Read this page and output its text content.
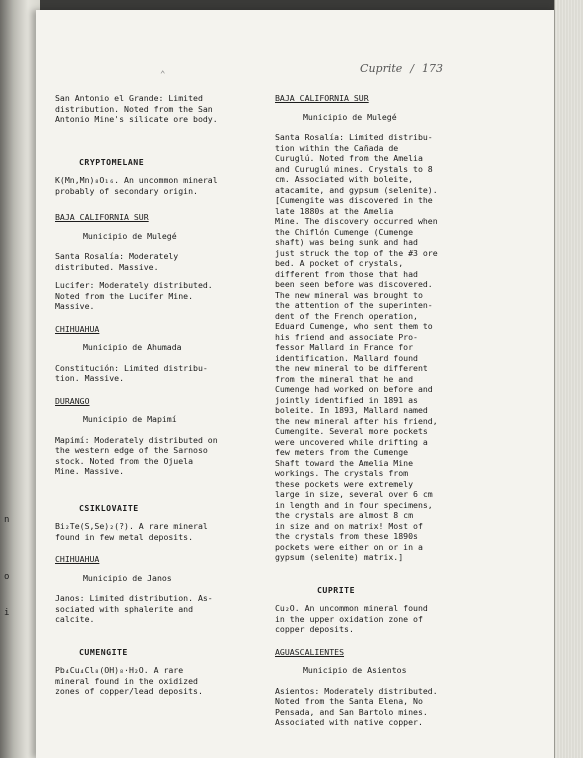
n
o
i
Cuprite / 173
⌃
San Antonio el Grande: Limited
distribution. Noted from the San
Antonio Mine's silicate ore body.
CRYPTOMELANE
K(Mn,Mn)₈O₁₆. An uncommon mineral
probably of secondary origin.
BAJA CALIFORNIA SUR
Municipio de Mulegé
Santa Rosalía: Moderately
distributed. Massive.
Lucifer: Moderately distributed.
Noted from the Lucifer Mine.
Massive.
CHIHUAHUA
Municipio de Ahumada
Constitución: Limited distribu-
tion. Massive.
DURANGO
Municipio de Mapimí
Mapimí: Moderately distributed on
the western edge of the Sarnoso
stock. Noted from the Ojuela
Mine. Massive.
CSIKLOVAITE
Bi₂Te(S,Se)₂(?). A rare mineral
found in few metal deposits.
CHIHUAHUA
Municipio de Janos
Janos: Limited distribution. As-
sociated with sphalerite and
calcite.
CUMENGITE
Pb₄Cu₄Cl₈(OH)₈·H₂O. A rare
mineral found in the oxidized
zones of copper/lead deposits.
BAJA CALIFORNIA SUR
Municipio de Mulegé
Santa Rosalía: Limited distribu-
tion within the Cañada de
Curuglú. Noted from the Amelia
and Curuglú mines. Crystals to 8
cm. Associated with boleite,
atacamite, and gypsum (selenite).
[Cumengite was discovered in the
late 1880s at the Amelia
Mine. The discovery occurred when
the Chiflón Cumenge (Cumenge
shaft) was being sunk and had
just struck the top of the #3 ore
bed. A pocket of crystals,
different from those that had
been seen before was discovered.
The new mineral was brought to
the attention of the superinten-
dent of the French operation,
Eduard Cumenge, who sent them to
his friend and associate Pro-
fessor Mallard in France for
identification. Mallard found
the new mineral to be different
from the mineral that he and
Cumenge had worked on before and
jointly identified in 1891 as
boleite. In 1893, Mallard named
the new mineral after his friend,
Cumengite. Several more pockets
were uncovered while drifting a
few meters from the Cumenge
Shaft toward the Amelia Mine
workings. The crystals from
these pockets were extremely
large in size, several over 6 cm
in length and in four specimens,
the crystals are almost 8 cm
in size and on matrix! Most of
the crystals from these 1890s
pockets were either on or in a
gypsum (selenite) matrix.]
CUPRITE
Cu₂O. An uncommon mineral found
in the upper oxidation zone of
copper deposits.
AGUASCALIENTES
Municipio de Asientos
Asientos: Moderately distributed.
Noted from the Santa Elena, No
Pensada, and San Bartolo mines.
Associated with native copper.
